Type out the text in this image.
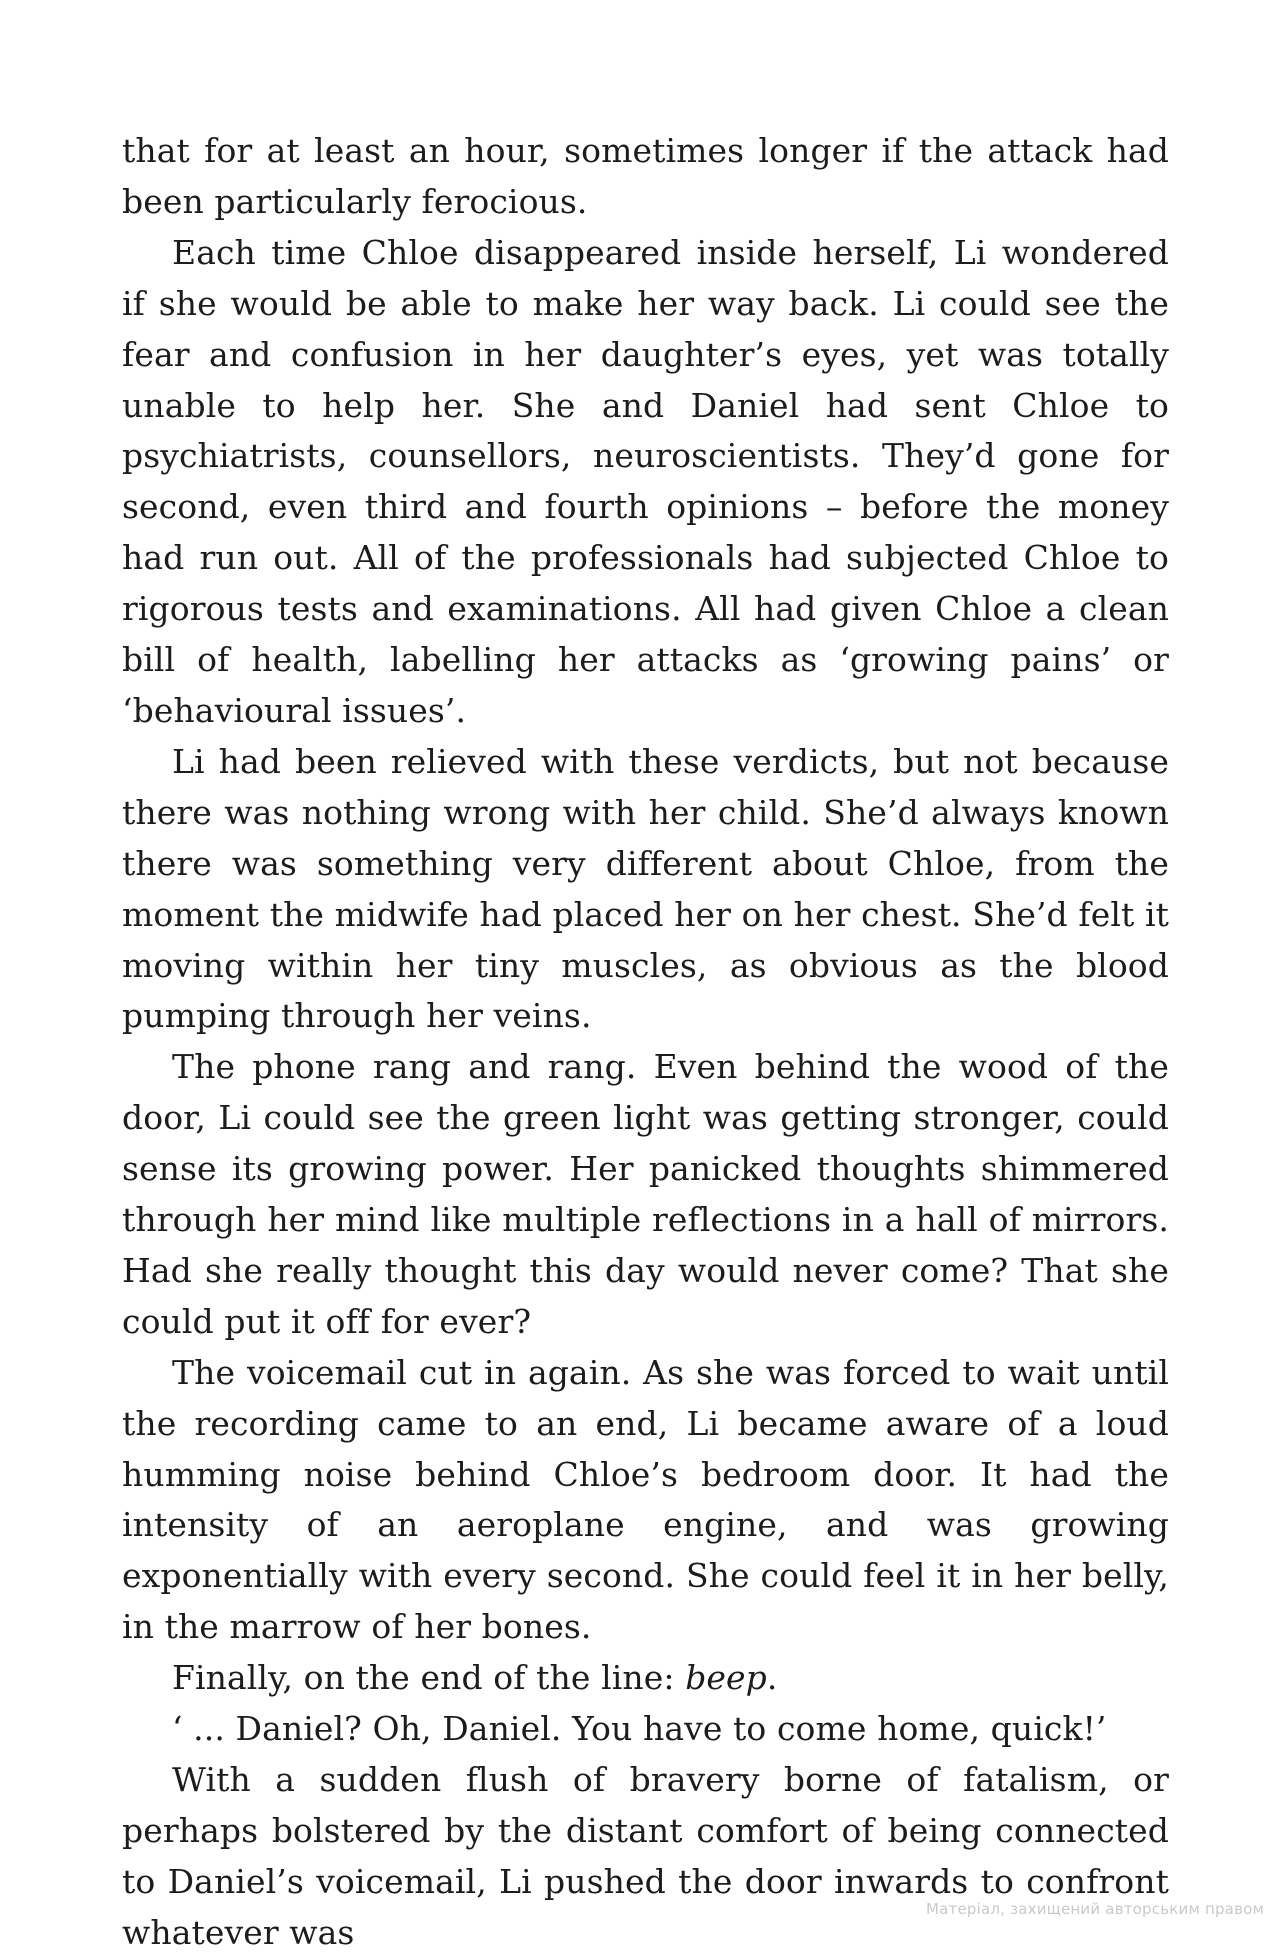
that for at least an hour, sometimes longer if the attack had been particularly ferocious.

Each time Chloe disappeared inside herself, Li wondered if she would be able to make her way back. Li could see the fear and confusion in her daughter’s eyes, yet was totally unable to help her. She and Daniel had sent Chloe to psychiatrists, counsellors, neuroscientists. They’d gone for second, even third and fourth opinions – before the money had run out. All of the professionals had subjected Chloe to rigorous tests and examinations. All had given Chloe a clean bill of health, labelling her attacks as ‘growing pains’ or ‘behavioural issues’.

Li had been relieved with these verdicts, but not because there was nothing wrong with her child. She’d always known there was something very different about Chloe, from the moment the midwife had placed her on her chest. She’d felt it moving within her tiny muscles, as obvious as the blood pumping through her veins.

The phone rang and rang. Even behind the wood of the door, Li could see the green light was getting stronger, could sense its growing power. Her panicked thoughts shimmered through her mind like multiple reflections in a hall of mirrors. Had she really thought this day would never come? That she could put it off for ever?

The voicemail cut in again. As she was forced to wait until the recording came to an end, Li became aware of a loud humming noise behind Chloe’s bedroom door. It had the intensity of an aeroplane engine, and was growing exponentially with every second. She could feel it in her belly, in the marrow of her bones.

Finally, on the end of the line: beep.

‘ ... Daniel? Oh, Daniel. You have to come home, quick!’

With a sudden flush of bravery borne of fatalism, or perhaps bolstered by the distant comfort of being connected to Daniel’s voicemail, Li pushed the door inwards to confront whatever was

Матеріал, захищений авторським правом
